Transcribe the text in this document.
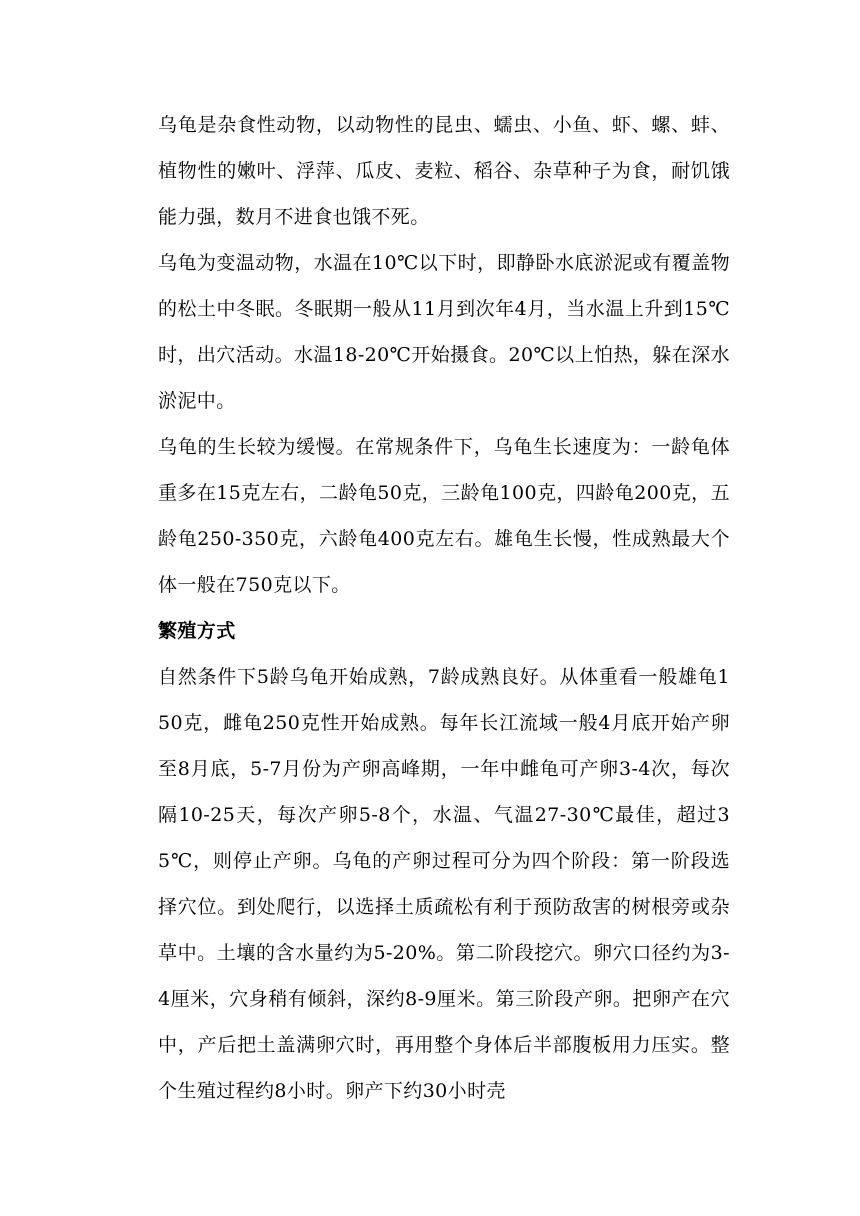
乌龟是杂食性动物，以动物性的昆虫、蠕虫、小鱼、虾、螺、蚌、植物性的嫩叶、浮萍、瓜皮、麦粒、稻谷、杂草种子为食，耐饥饿能力强，数月不进食也饿不死。

乌龟为变温动物，水温在10℃以下时，即静卧水底淤泥或有覆盖物的松土中冬眠。冬眠期一般从11月到次年4月，当水温上升到15℃时，出穴活动。水温18-20℃开始摄食。20℃以上怕热，躲在深水淤泥中。

乌龟的生长较为缓慢。在常规条件下，乌龟生长速度为：一龄龟体重多在15克左右，二龄龟50克，三龄龟100克，四龄龟200克，五龄龟250-350克，六龄龟400克左右。雄龟生长慢，性成熟最大个体一般在750克以下。

繁殖方式

自然条件下5龄乌龟开始成熟，7龄成熟良好。从体重看一般雄龟150克，雌龟250克性开始成熟。每年长江流域一般4月底开始产卵至8月底，5-7月份为产卵高峰期，一年中雌龟可产卵3-4次，每次隔10-25天，每次产卵5-8个，水温、气温27-30℃最佳，超过35℃，则停止产卵。乌龟的产卵过程可分为四个阶段：第一阶段选择穴位。到处爬行，以选择土质疏松有利于预防敌害的树根旁或杂草中。土壤的含水量约为5-20%。第二阶段挖穴。卵穴口径约为3-4厘米，穴身稍有倾斜，深约8-9厘米。第三阶段产卵。把卵产在穴中，产后把土盖满卵穴时，再用整个身体后半部腹板用力压实。整个生殖过程约8小时。卵产下约30小时壳
